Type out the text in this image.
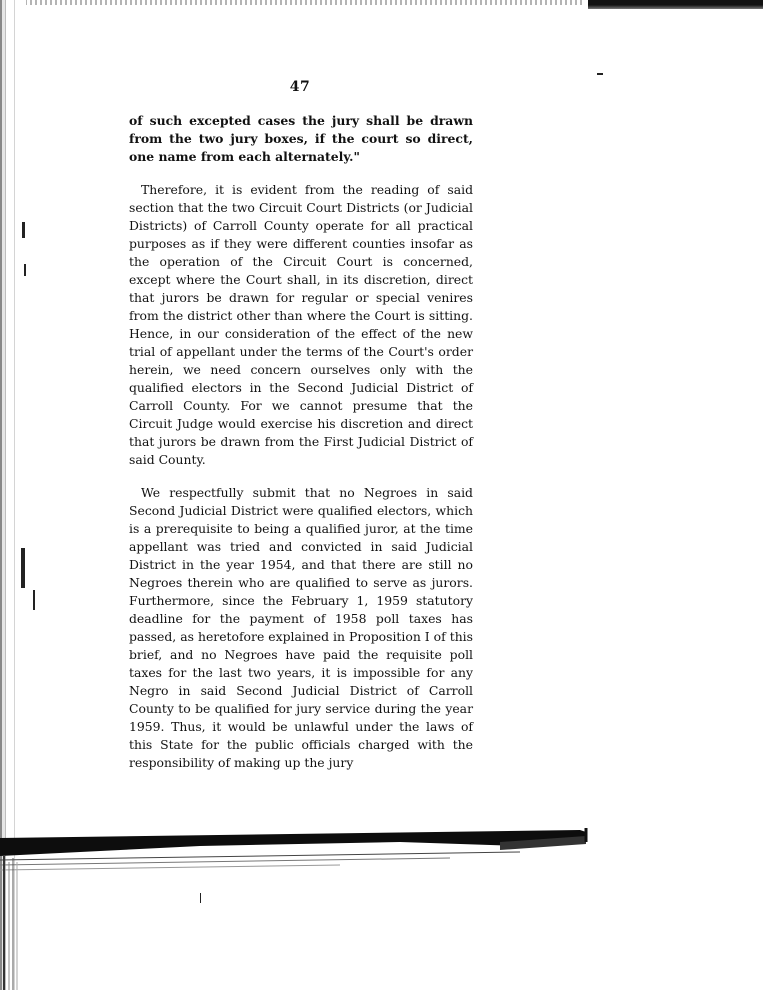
47

of such excepted cases the jury shall be drawn from the two jury boxes, if the court so direct, one name from each alternately."

Therefore, it is evident from the reading of said section that the two Circuit Court Districts (or Judicial Districts) of Carroll County operate for all practical purposes as if they were different counties insofar as the operation of the Circuit Court is concerned, except where the Court shall, in its discretion, direct that jurors be drawn for regular or special venires from the district other than where the Court is sitting. Hence, in our consideration of the effect of the new trial of appellant under the terms of the Court's order herein, we need concern ourselves only with the qualified electors in the Second Judicial District of Carroll County. For we cannot presume that the Circuit Judge would exercise his discretion and direct that jurors be drawn from the First Judicial District of said County.

We respectfully submit that no Negroes in said Second Judicial District were qualified electors, which is a prerequisite to being a qualified juror, at the time appellant was tried and convicted in said Judicial District in the year 1954, and that there are still no Negroes therein who are qualified to serve as jurors. Furthermore, since the February 1, 1959 statutory deadline for the payment of 1958 poll taxes has passed, as heretofore explained in Proposition I of this brief, and no Negroes have paid the requisite poll taxes for the last two years, it is impossible for any Negro in said Second Judicial District of Carroll County to be qualified for jury service during the year 1959. Thus, it would be unlawful under the laws of this State for the public officials charged with the responsibility of making up the jury
